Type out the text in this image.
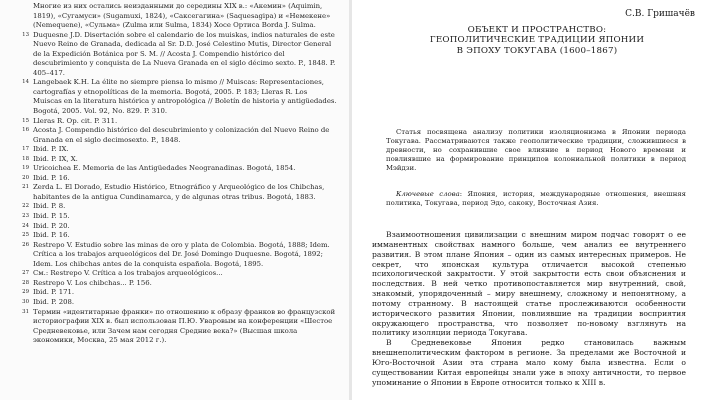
Многие из них остались неизданными до середины XIX в.: «Акемин» (Aquimin, 1819), «Сугамуси» (Sugamuxi, 1824), «Саксегагина» (Saquesagipa) и «Немекене» (Nemequene), «Сульма» (Zulma или Sulma, 1834) Хосе Ортиса Borda J. Sulma.
13 Duquesne J.D. Disertación sobre el calendario de los muiskas, indios naturales de este Nuevo Reino de Granada, dedicada al Sr. D.D. José Celestino Mutis, Director General de la Expedición Botánica por S. M. // Acosta J. Compendio histórico del descubrimiento y conquista de La Nueva Granada en el siglo décimo sexto. P., 1848. P. 405–417.
14 Langebaek K.H. La élite no siempre piensa lo mismo // Muiscas: Representaciones, cartografías y etnopolíticas de la memoria. Bogotá, 2005. P. 183; Lleras R. Los Muiscas en la literatura histórica y antropológica // Boletín de historia y antigüedades. Bogotá, 2005. Vol. 92, No. 829. P. 310.
15 Lleras R. Op. cit. P. 311.
16 Acosta J. Compendio histórico del descubrimiento y colonización del Nuevo Reino de Granada en el siglo decimosexto. P., 1848.
17 Ibid. P. IX.
18 Ibid. P. IX, X.
19 Uricoichea E. Memoria de las Antigüedades Neogranadinas. Bogotá, 1854.
20 Ibid. P. 16.
21 Zerda L. El Dorado, Estudio Histórico, Etnográfico y Arqueológico de los Chibchas, habitantes de la antigua Cundinamarca, y de algunas otras tribus. Bogotá, 1883.
22 Ibid. P. 8.
23 Ibid. P. 15.
24 Ibid. P. 20.
25 Ibid. P. 16.
26 Restrepo V. Estudio sobre las minas de oro y plata de Colombia. Bogotá, 1888; Idem. Crítica a los trabajos arqueológicos del Dr. José Domingo Duquesne. Bogotá, 1892; Idem. Los chibchas antes de la conquista española. Bogotá, 1895.
27 Cм.: Restrepo V. Crítica a los trabajos arqueológicos...
28 Restrepo V. Los chibchas... P. 156.
29 Ibid. P. 171.
30 Ibid. P. 208.
31 Термин «идентитарные франки» по отношению к образу франков во французской историографии XIX в. был использован П.Ю. Уваровым на конференции «Шестое Средневековье, или Зачем нам сегодня Средние века?» (Высшая школа экономики, Москва, 25 мая 2012 г.).
С.В. Гришачёв
ОБЪЕКТ И ПРОСТРАНСТВО:
ГЕОПОЛИТИЧЕСКИЕ ТРАДИЦИИ ЯПОНИИ
В ЭПОХУ ТОКУГАВА (1600–1867)
Статья посвящена анализу политики изоляционизма в Японии периода Токугава. Рассматриваются также геополитические традиции, сложившиеся в древности, но сохранившие свое влияние в период Нового времени и повлиявшие на формирование принципов колониальной политики в период Мэйдзи.
Ключевые слова: Япония, история, международные отношения, внешняя политика, Токугава, период Эдо, сакоку, Восточная Азия.

Взаимоотношения цивилизации с внешним миром подчас говорят о ее имманентных свойствах намного больше, чем анализ ее внутреннего развития. В этом плане Япония – один из самых интересных примеров. Не секрет, что японская культура отличается высокой степенью психологической закрытости. У этой закрытости есть свои объяснения и последствия. В ней четко противопоставляется мир внутренний, свой, знакомый, упорядоченный – миру внешнему, сложному и непонятному, а потому странному. В настоящей статье прослеживаются особенности исторического развития Японии, повлиявшие на традиции восприятия окружающего пространства, что позволяет по-новому взглянуть на политику изоляции периода Токугава.

В Средневековье Япония редко становилась важным внешнеполитическим фактором в регионе. За пределами же Восточной и Юго-Восточной Азии эта страна мало кому была известна. Если о существовании Китая европейцы знали уже в эпоху античности, то первое упоминание о Японии в Европе относится только к XIII в.
